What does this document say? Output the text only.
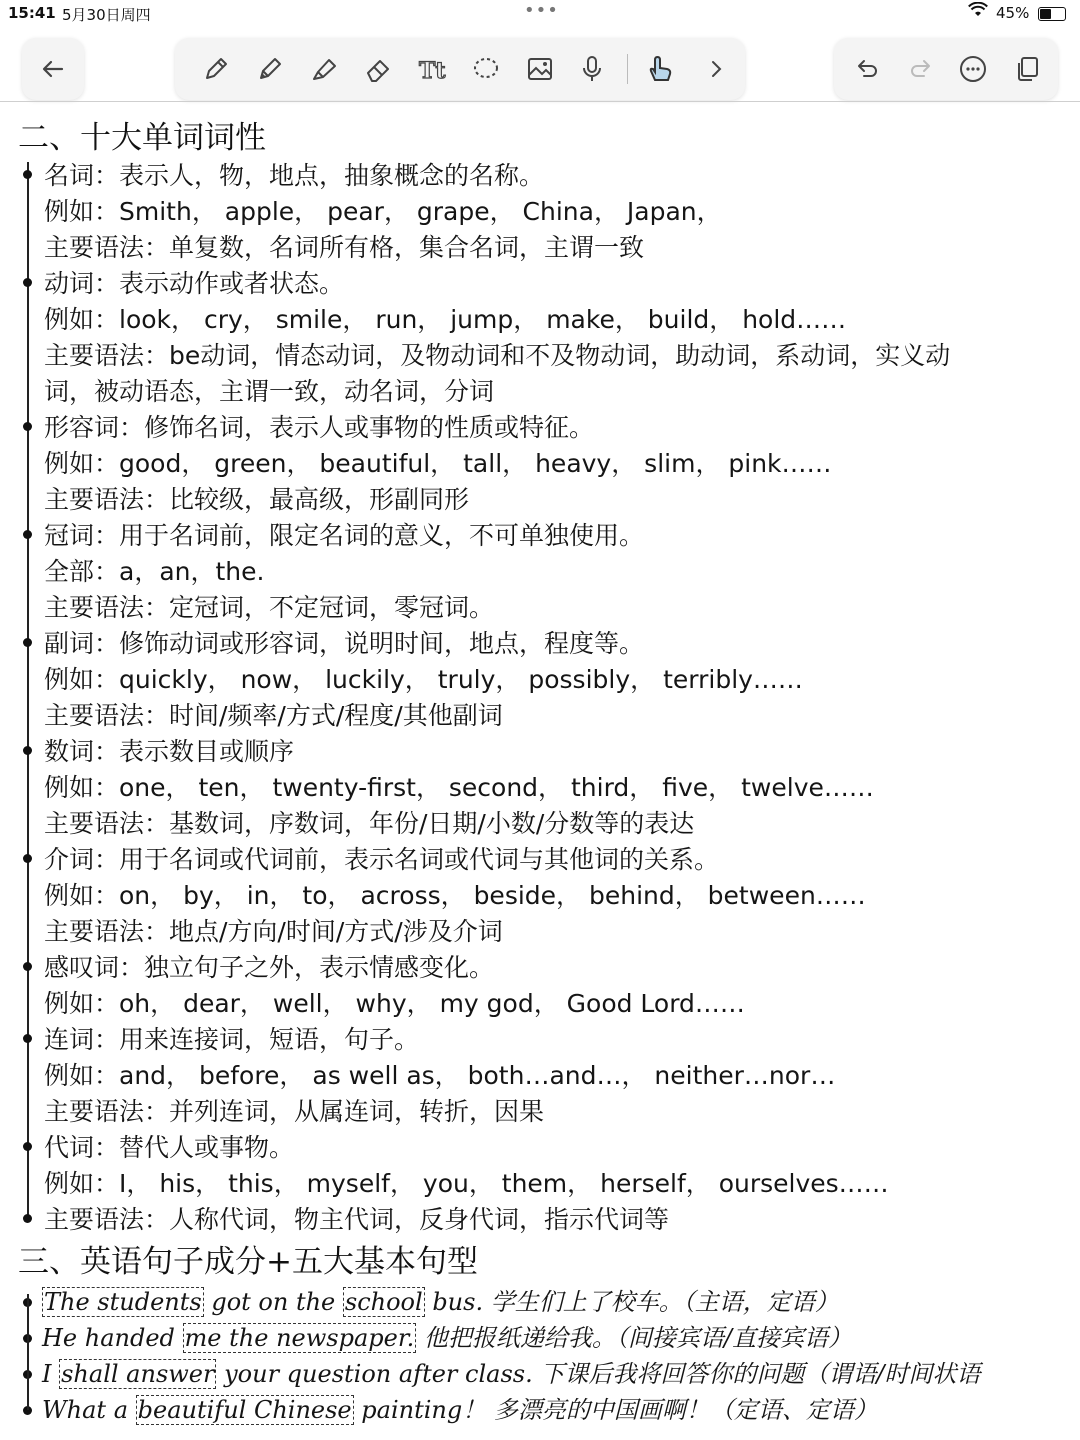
15:41 5月30日周四	•••	45%
Tt
二、十大单词词性
名词：表示人，物，地点，抽象概念的名称。
例如：Smith， apple， pear， grape， China， Japan，
主要语法：单复数，名词所有格，集合名词，主谓一致
动词：表示动作或者状态。
例如：look， cry， smile， run， jump， make， build， hold……
主要语法：be动词，情态动词，及物动词和不及物动词，助动词，系动词，实义动
词，被动语态，主谓一致，动名词，分词
形容词：修饰名词，表示人或事物的性质或特征。
例如：good， green， beautiful， tall， heavy， slim， pink……
主要语法：比较级，最高级，形副同形
冠词：用于名词前，限定名词的意义，不可单独使用。
全部：a，an，the.
主要语法：定冠词，不定冠词，零冠词。
副词：修饰动词或形容词，说明时间，地点，程度等。
例如：quickly， now， luckily， truly， possibly， terribly……
主要语法：时间/频率/方式/程度/其他副词
数词：表示数目或顺序
例如：one， ten， twenty-first， second， third， five， twelve……
主要语法：基数词，序数词，年份/日期/小数/分数等的表达
介词：用于名词或代词前，表示名词或代词与其他词的关系。
例如：on， by， in， to， across， beside， behind， between……
主要语法：地点/方向/时间/方式/涉及介词
感叹词：独立句子之外，表示情感变化。
例如：oh， dear， well， why， my god， Good Lord……
连词：用来连接词，短语，句子。
例如：and， before， as well as， both…and…， neither…nor…
主要语法：并列连词，从属连词，转折，因果
代词：替代人或事物。
例如：I， his， this， myself， you， them， herself， ourselves……
主要语法：人称代词，物主代词，反身代词，指示代词等
三、英语句子成分+五大基本句型
The students got on the school bus. 学生们上了校车。（主语，定语）
He handed me the newspaper. 他把报纸递给我。（间接宾语/直接宾语）
I shall answer your question after class. 下课后我将回答你的问题（谓语/时间状语
What a beautiful Chinese painting！ 多漂亮的中国画啊！（定语、定语）
